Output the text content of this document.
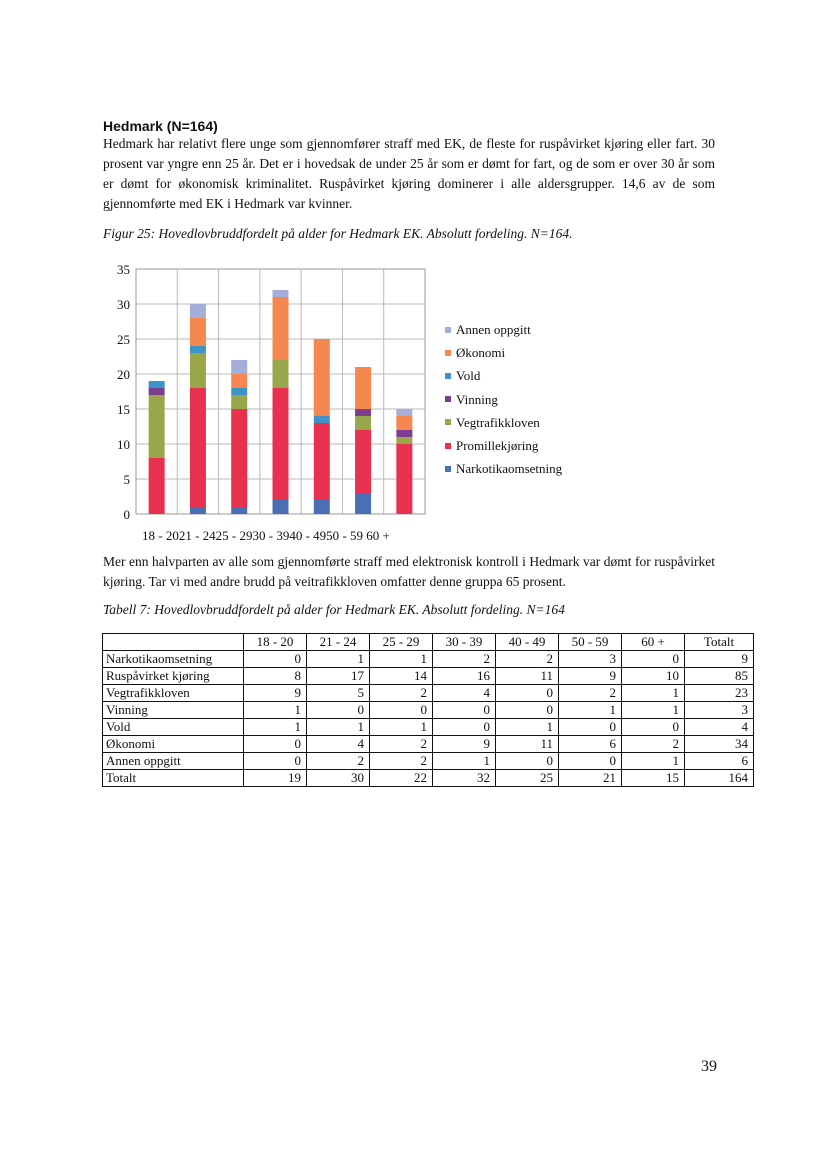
Hedmark (N=164)
Hedmark har relativt flere unge som gjennomfører straff med EK, de fleste for ruspåvirket kjøring eller fart. 30 prosent var yngre enn 25 år. Det er i hovedsak de under 25 år som er dømt for fart, og de som er over 30 år som er dømt for økonomisk kriminalitet. Ruspåvirket kjøring dominerer i alle aldersgrupper. 14,6 av de som gjennomførte med EK i Hedmark var kvinner.
Figur 25: Hovedlovbruddfordelt på alder for Hedmark EK. Absolutt fordeling. N=164.
0
5
10
15
20
25
30
35
18 - 2021 - 2425 - 2930 - 3940 - 4950 - 59 60 +
Annen oppgitt
Økonomi
Vold
Vinning
Vegtrafikkloven
Promillekjøring
Narkotikaomsetning
Mer enn halvparten av alle som gjennomførte straff med elektronisk kontroll i Hedmark var dømt for ruspåvirket kjøring. Tar vi med andre brudd på veitrafikkloven omfatter denne gruppa 65 prosent.
Tabell 7: Hovedlovbruddfordelt på alder for Hedmark EK. Absolutt fordeling. N=164
	18 - 20	21 - 24	25 - 29	30 - 39	40 - 49	50 - 59	60 +	Totalt
Narkotikaomsetning	0	1	1	2	2	3	0	9
Ruspåvirket kjøring	8	17	14	16	11	9	10	85
Vegtrafikkloven	9	5	2	4	0	2	1	23
Vinning	1	0	0	0	0	1	1	3
Vold	1	1	1	0	1	0	0	4
Økonomi	0	4	2	9	11	6	2	34
Annen oppgitt	0	2	2	1	0	0	1	6
Totalt	19	30	22	32	25	21	15	164
39
